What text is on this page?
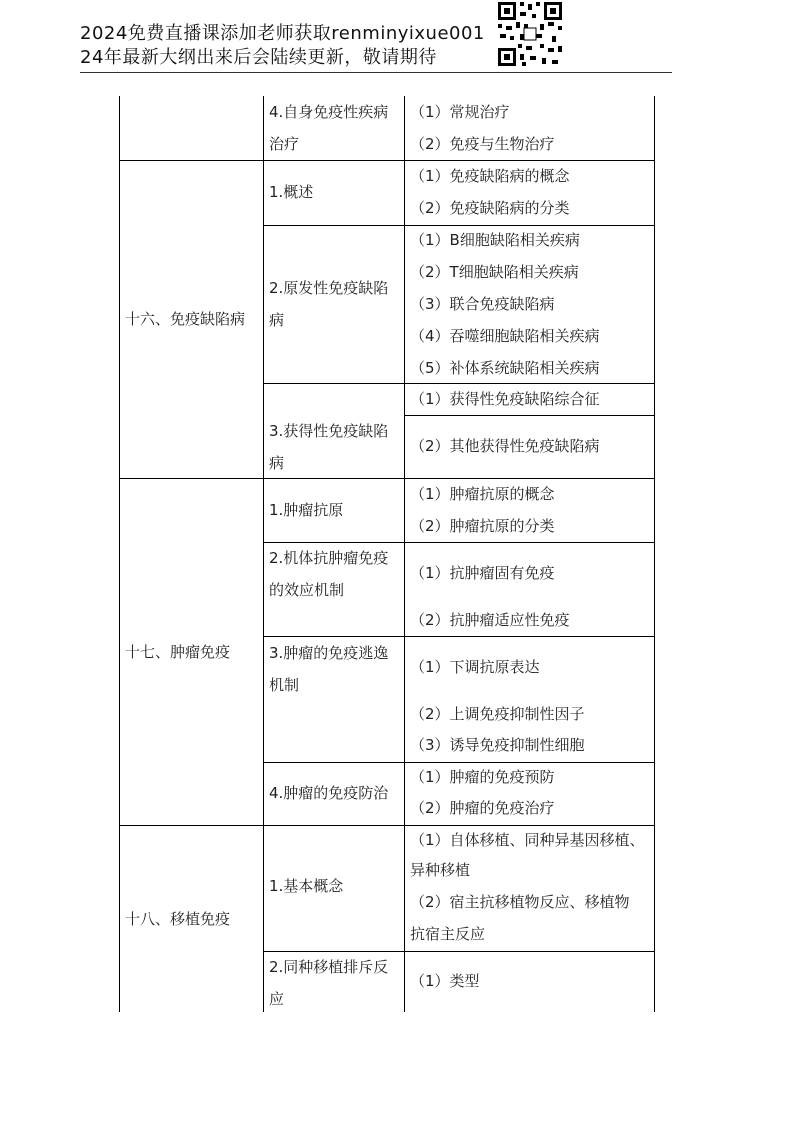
2024免费直播课添加老师获取renminyixue001
24年最新大纲出来后会陆续更新，敬请期待
4.自身免疫性疾病
治疗
（1）常规治疗
（2）免疫与生物治疗
十六、免疫缺陷病
1.概述
（1）免疫缺陷病的概念
（2）免疫缺陷病的分类
2.原发性免疫缺陷
病
（1）B细胞缺陷相关疾病
（2）T细胞缺陷相关疾病
（3）联合免疫缺陷病
（4）吞噬细胞缺陷相关疾病
（5）补体系统缺陷相关疾病
3.获得性免疫缺陷
病
（1）获得性免疫缺陷综合征
（2）其他获得性免疫缺陷病
十七、肿瘤免疫
1.肿瘤抗原
（1）肿瘤抗原的概念
（2）肿瘤抗原的分类
2.机体抗肿瘤免疫
的效应机制
（1）抗肿瘤固有免疫
（2）抗肿瘤适应性免疫
3.肿瘤的免疫逃逸
机制
（1）下调抗原表达
（2）上调免疫抑制性因子
（3）诱导免疫抑制性细胞
4.肿瘤的免疫防治
（1）肿瘤的免疫预防
（2）肿瘤的免疫治疗
十八、移植免疫
1.基本概念
（1）自体移植、同种异基因移植、
异种移植
（2）宿主抗移植物反应、移植物
抗宿主反应
2.同种移植排斥反
应
（1）类型
